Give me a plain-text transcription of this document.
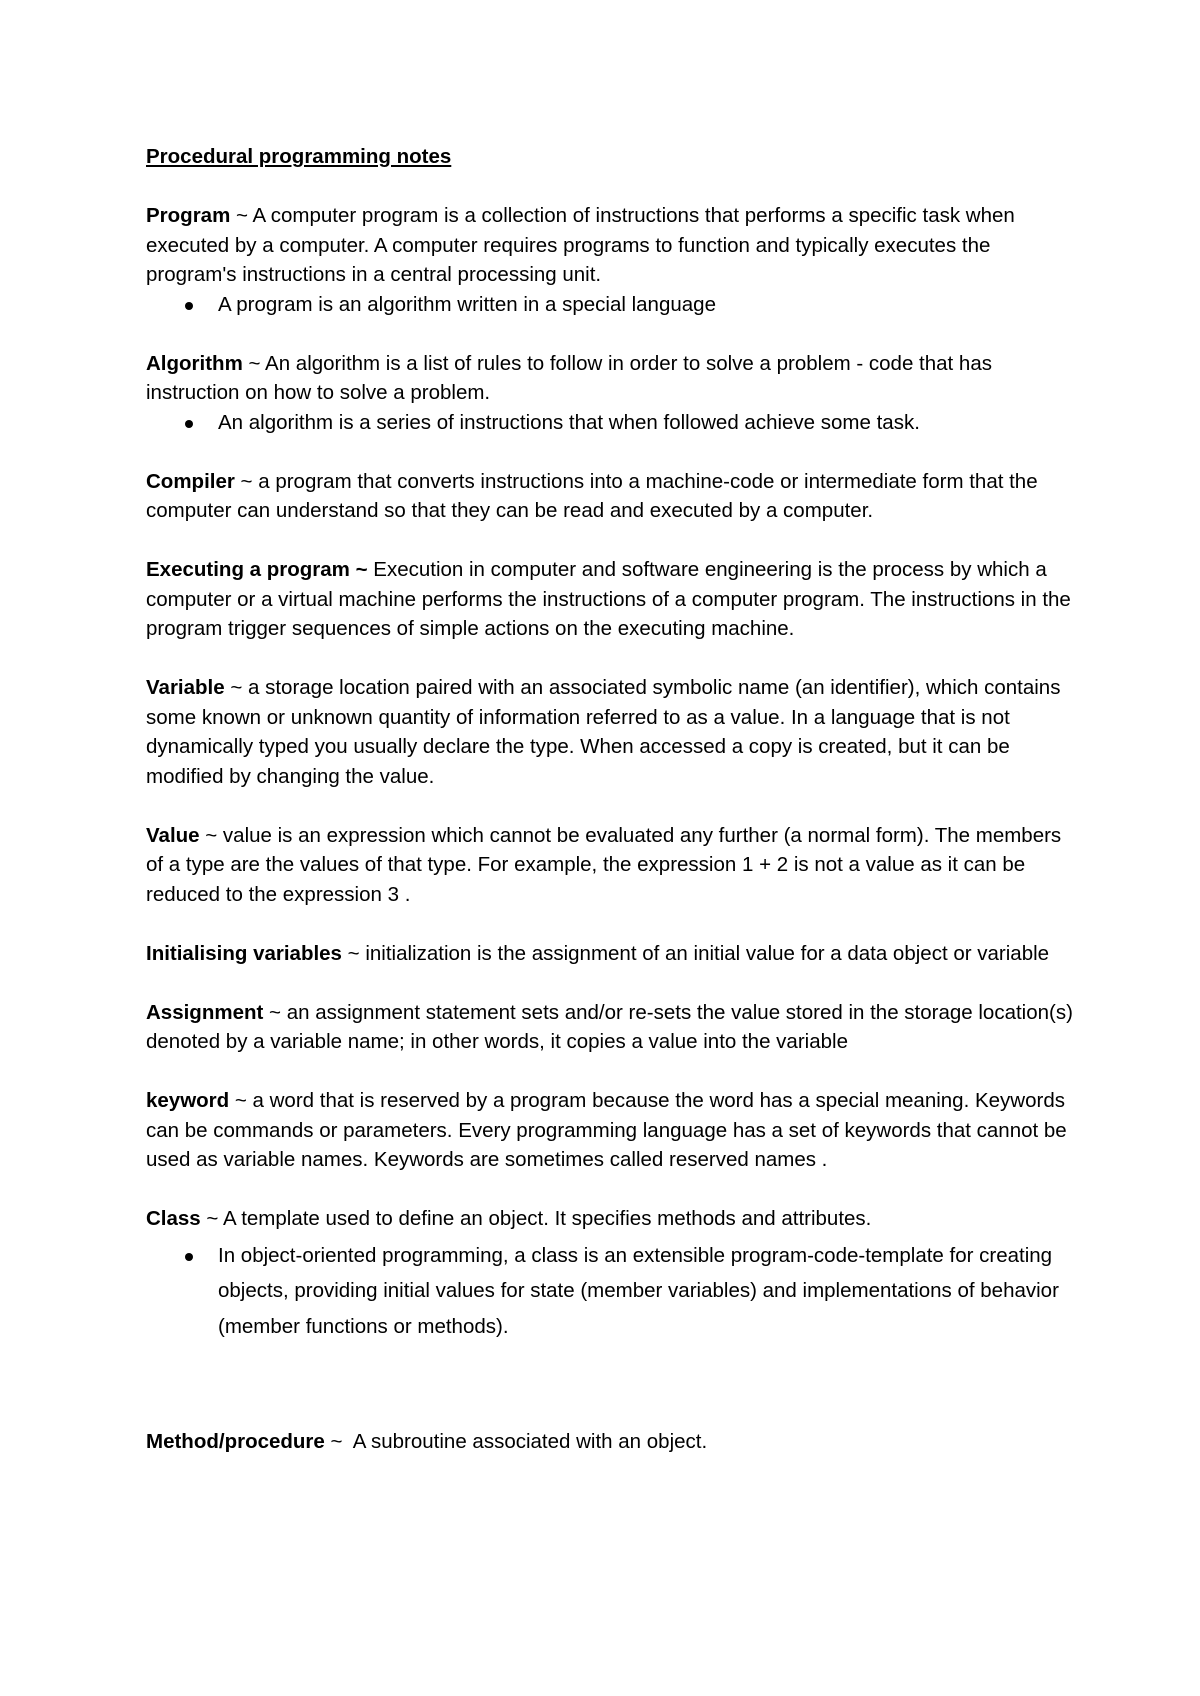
Procedural programming notes

Program ~ A computer program is a collection of instructions that performs a specific task when executed by a computer. A computer requires programs to function and typically executes the program's instructions in a central processing unit.

A program is an algorithm written in a special language

Algorithm ~ An algorithm is a list of rules to follow in order to solve a problem - code that has instruction on how to solve a problem.

An algorithm is a series of instructions that when followed achieve some task.

Compiler ~ a program that converts instructions into a machine-code or intermediate form that the computer can understand so that they can be read and executed by a computer.

Executing a program ~ Execution in computer and software engineering is the process by which a computer or a virtual machine performs the instructions of a computer program. The instructions in the program trigger sequences of simple actions on the executing machine.

Variable ~ a storage location paired with an associated symbolic name (an identifier), which contains some known or unknown quantity of information referred to as a value. In a language that is not dynamically typed you usually declare the type. When accessed a copy is created, but it can be modified by changing the value.

Value ~ value is an expression which cannot be evaluated any further (a normal form). The members of a type are the values of that type. For example, the expression 1 + 2 is not a value as it can be reduced to the expression 3 .

Initialising variables ~ initialization is the assignment of an initial value for a data object or variable

Assignment ~ an assignment statement sets and/or re-sets the value stored in the storage location(s) denoted by a variable name; in other words, it copies a value into the variable

keyword ~ a word that is reserved by a program because the word has a special meaning. Keywords can be commands or parameters. Every programming language has a set of keywords that cannot be used as variable names. Keywords are sometimes called reserved names .

Class ~ A template used to define an object. It specifies methods and attributes.

In object-oriented programming, a class is an extensible program-code-template for creating objects, providing initial values for state (member variables) and implementations of behavior (member functions or methods).

Method/procedure ~  A subroutine associated with an object.
